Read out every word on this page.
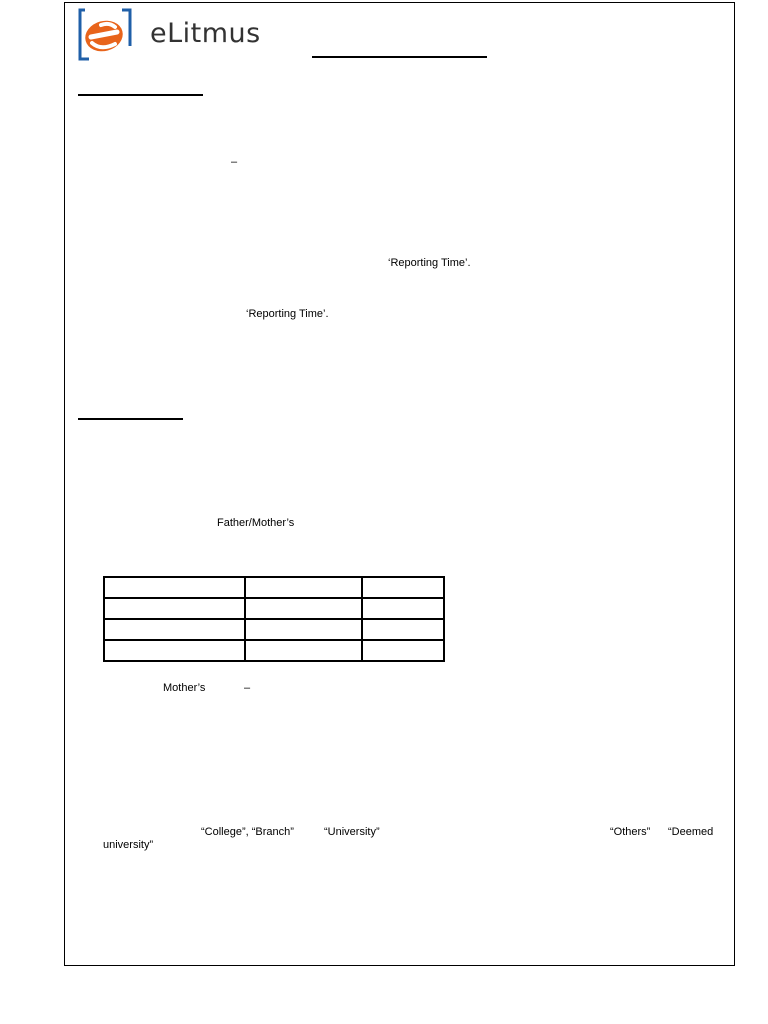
eLitmus
–
‘Reporting Time’.
‘Reporting Time’.
Father/Mother’s

Mother’s	–
“College”, “Branch”	“University”	“Others” “Deemed
university”
